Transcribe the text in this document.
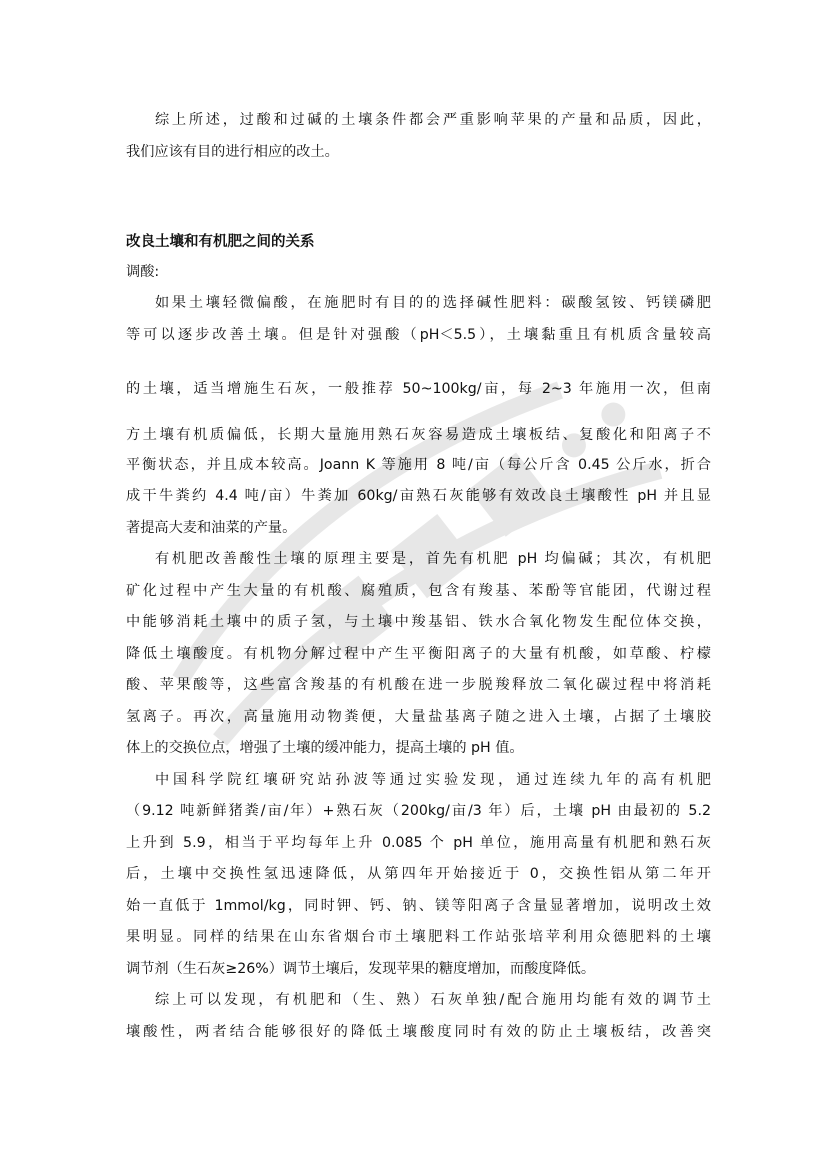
综上所述，过酸和过碱的土壤条件都会严重影响苹果的产量和品质，因此，
我们应该有目的进行相应的改土。
改良土壤和有机肥之间的关系
调酸:
如果土壤轻微偏酸，在施肥时有目的的选择碱性肥料：碳酸氢铵、钙镁磷肥
等可以逐步改善土壤。但是针对强酸（pH＜5.5），土壤黏重且有机质含量较高
的土壤，适当增施生石灰，一般推荐 50~100kg/亩，每 2~3 年施用一次，但南
方土壤有机质偏低，长期大量施用熟石灰容易造成土壤板结、复酸化和阳离子不
平衡状态，并且成本较高。Joann K 等施用 8 吨/亩（每公斤含 0.45 公斤水，折合
成干牛粪约 4.4 吨/亩）牛粪加 60kg/亩熟石灰能够有效改良土壤酸性 pH 并且显
著提高大麦和油菜的产量。
有机肥改善酸性土壤的原理主要是，首先有机肥 pH 均偏碱；其次，有机肥
矿化过程中产生大量的有机酸、腐殖质，包含有羧基、苯酚等官能团，代谢过程
中能够消耗土壤中的质子氢，与土壤中羧基铝、铁水合氧化物发生配位体交换，
降低土壤酸度。有机物分解过程中产生平衡阳离子的大量有机酸，如草酸、柠檬
酸、苹果酸等，这些富含羧基的有机酸在进一步脱羧释放二氧化碳过程中将消耗
氢离子。再次，高量施用动物粪便，大量盐基离子随之进入土壤，占据了土壤胶
体上的交换位点，增强了土壤的缓冲能力，提高土壤的 pH 值。
中国科学院红壤研究站孙波等通过实验发现，通过连续九年的高有机肥
（9.12 吨新鲜猪粪/亩/年）+熟石灰（200kg/亩/3 年）后，土壤 pH 由最初的 5.2
上升到 5.9，相当于平均每年上升 0.085 个 pH 单位，施用高量有机肥和熟石灰
后，土壤中交换性氢迅速降低，从第四年开始接近于 0，交换性铝从第二年开
始一直低于 1mmol/kg，同时钾、钙、钠、镁等阳离子含量显著增加，说明改土效
果明显。同样的结果在山东省烟台市土壤肥料工作站张培苹利用众德肥料的土壤
调节剂（生石灰≥26%）调节土壤后，发现苹果的糖度增加，而酸度降低。
综上可以发现，有机肥和（生、熟）石灰单独/配合施用均能有效的调节土
壤酸性，两者结合能够很好的降低土壤酸度同时有效的防止土壤板结，改善突
